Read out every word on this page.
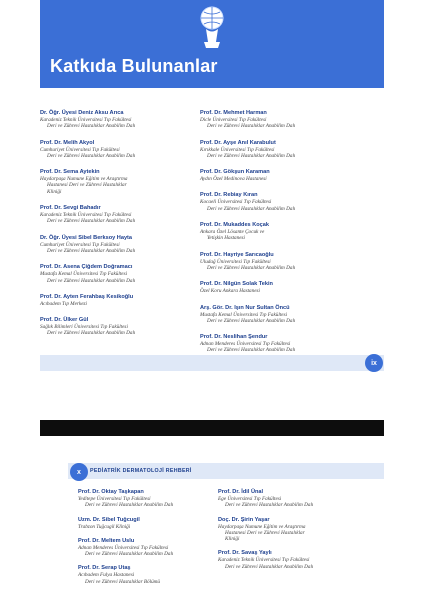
Katkıda Bulunanlar
Dr. Öğr. Üyesi Deniz Aksu Arıca
Karadeniz Teknik Üniversitesi Tıp Fakültesi
Deri ve Zührevi Hastalıklar Anabilim Dalı
Prof. Dr. Melih Akyol
Cumhuriyet Üniversitesi Tıp Fakültesi
Deri ve Zührevi Hastalıklar Anabilim Dalı
Prof. Dr. Sema Aytekin
Haydarpaşa Numune Eğitim ve Araştırma
Hastanesi Deri ve Zührevi Hastalıklar
Kliniği
Prof. Dr. Sevgi Bahadır
Karadeniz Teknik Üniversitesi Tıp Fakültesi
Deri ve Zührevi Hastalıklar Anabilim Dalı
Dr. Öğr. Üyesi Sibel Berksoy Hayta
Cumhuriyet Üniversitesi Tıp Fakültesi
Deri ve Zührevi Hastalıklar Anabilim Dalı
Prof. Dr. Asena Çiğdem Doğramacı
Mustafa Kemal Üniversitesi Tıp Fakültesi
Deri ve Zührevi Hastalıklar Anabilim Dalı
Prof. Dr. Ayten Ferahbaş Kesikoğlu
Acıbadem Tıp Merkezi
Prof. Dr. Ülker Gül
Sağlık Bilimleri Üniversitesi Tıp Fakültesi
Deri ve Zührevi Hastalıklar Anabilim Dalı
Prof. Dr. Mehmet Harman
Dicle Üniversitesi Tıp Fakültesi
Deri ve Zührevi Hastalıklar Anabilim Dalı
Prof. Dr. Ayşe Anıl Karabulut
Kırıkkale Üniversitesi Tıp Fakültesi
Deri ve Zührevi Hastalıklar Anabilim Dalı
Prof. Dr. Gökşun Karaman
Aydın Özel Medinova Hastanesi
Prof. Dr. Rebiay Kıran
Kocaeli Üniversitesi Tıp Fakültesi
Deri ve Zührevi Hastalıklar Anabilim Dalı
Prof. Dr. Mukaddes Koçak
Ankara Özel Lösante Çocuk ve
Yetişkin Hastanesi
Prof. Dr. Hayriye Sarıcaoğlu
Uludağ Üniversitesi Tıp Fakültesi
Deri ve Zührevi Hastalıklar Anabilim Dalı
Prof. Dr. Nilgün Solak Tekin
Özel Koru Ankara Hastanesi
Arş. Gör. Dr. Işın Nur Sultan Öncü
Mustafa Kemal Üniversitesi Tıp Fakültesi
Deri ve Zührevi Hastalıklar Anabilim Dalı
Prof. Dr. Neslihan Şendur
Adnan Menderes Üniversitesi Tıp Fakültesi
Deri ve Zührevi Hastalıklar Anabilim Dalı
ix
PEDİATRİK DERMATOLOJİ REHBERİ
x
Prof. Dr. Oktay Taşkapan
Yeditepe Üniversitesi Tıp Fakültesi
Deri ve Zührevi Hastalıklar Anabilim Dalı
Uzm. Dr. Sibel Tuğcugil
Trabzon Tuğcugil Kliniği
Prof. Dr. Meltem Uslu
Adnan Menderes Üniversitesi Tıp Fakültesi
Deri ve Zührevi Hastalıklar Anabilim Dalı
Prof. Dr. Serap Utaş
Acıbadem Fulya Hastanesi
Deri ve Zührevi Hastalıklar Bölümü
Prof. Dr. İdil Ünal
Ege Üniversitesi Tıp Fakültesi
Deri ve Zührevi Hastalıklar Anabilim Dalı
Doç. Dr. Şirin Yaşar
Haydarpaşa Numune Eğitim ve Araştırma
Hastanesi Deri ve Zührevi Hastalıklar
Kliniği
Prof. Dr. Savaş Yaylı
Karadeniz Teknik Üniversitesi Tıp Fakültesi
Deri ve Zührevi Hastalıklar Anabilim Dalı
